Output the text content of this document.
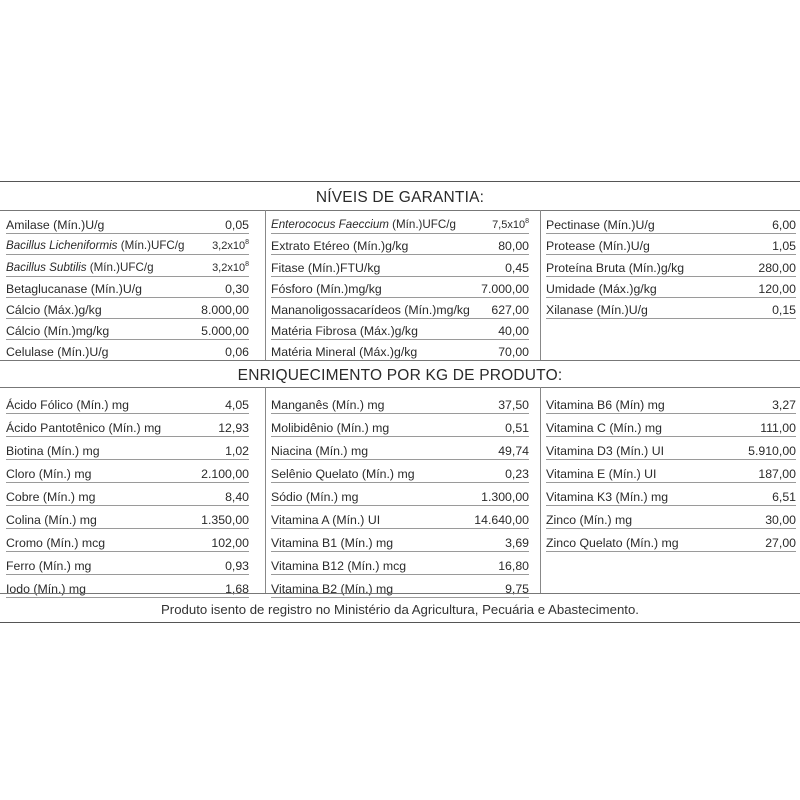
NÍVEIS DE GARANTIA:
Amilase (Mín.)U/g	0,05
Bacillus Licheniformis (Mín.)UFC/g	$3,2x10^8$
Bacillus Subtilis (Mín.)UFC/g	$3,2x10^8$
Betaglucanase (Mín.)U/g	0,30
Cálcio (Máx.)g/kg	8.000,00
Cálcio (Mín.)mg/kg	5.000,00
Celulase (Mín.)U/g	0,06
Enterococus Faeccium (Mín.)UFC/g	$7,5x10^8$
Extrato Etéreo (Mín.)g/kg	80,00
Fitase (Mín.)FTU/kg	0,45
Fósforo (Mín.)mg/kg	7.000,00
Mananoligossacarídeos (Mín.)mg/kg 627,00
Matéria Fibrosa (Máx.)g/kg	40,00
Matéria Mineral (Máx.)g/kg	70,00
Pectinase (Mín.)U/g	6,00
Protease (Mín.)U/g	1,05
Proteína Bruta (Mín.)g/kg	280,00
Umidade (Máx.)g/kg	120,00
Xilanase (Mín.)U/g	0,15
ENRIQUECIMENTO POR KG DE PRODUTO:
Ácido Fólico (Mín.) mg	4,05
Ácido Pantotênico (Mín.) mg	12,93
Biotina (Mín.) mg	1,02
Cloro (Mín.) mg	2.100,00
Cobre (Mín.) mg	8,40
Colina (Mín.) mg	1.350,00
Cromo (Mín.) mcg	102,00
Ferro (Mín.) mg	0,93
Iodo (Mín.) mg	1,68
Manganês (Mín.) mg	37,50
Molibidênio (Mín.) mg	0,51
Niacina (Mín.) mg	49,74
Selênio Quelato (Mín.) mg	0,23
Sódio (Mín.) mg	1.300,00
Vitamina A (Mín.) UI	14.640,00
Vitamina B1 (Mín.) mg	3,69
Vitamina B12 (Mín.) mcg	16,80
Vitamina B2 (Mín.) mg	9,75
Vitamina B6 (Mín) mg	3,27
Vitamina C (Mín.) mg	111,00
Vitamina D3 (Mín.) UI	5.910,00
Vitamina E (Mín.) UI	187,00
Vitamina K3 (Mín.) mg	6,51
Zinco (Mín.) mg	30,00
Zinco Quelato (Mín.) mg	27,00
Produto isento de registro no Ministério da Agricultura, Pecuária e Abastecimento.
